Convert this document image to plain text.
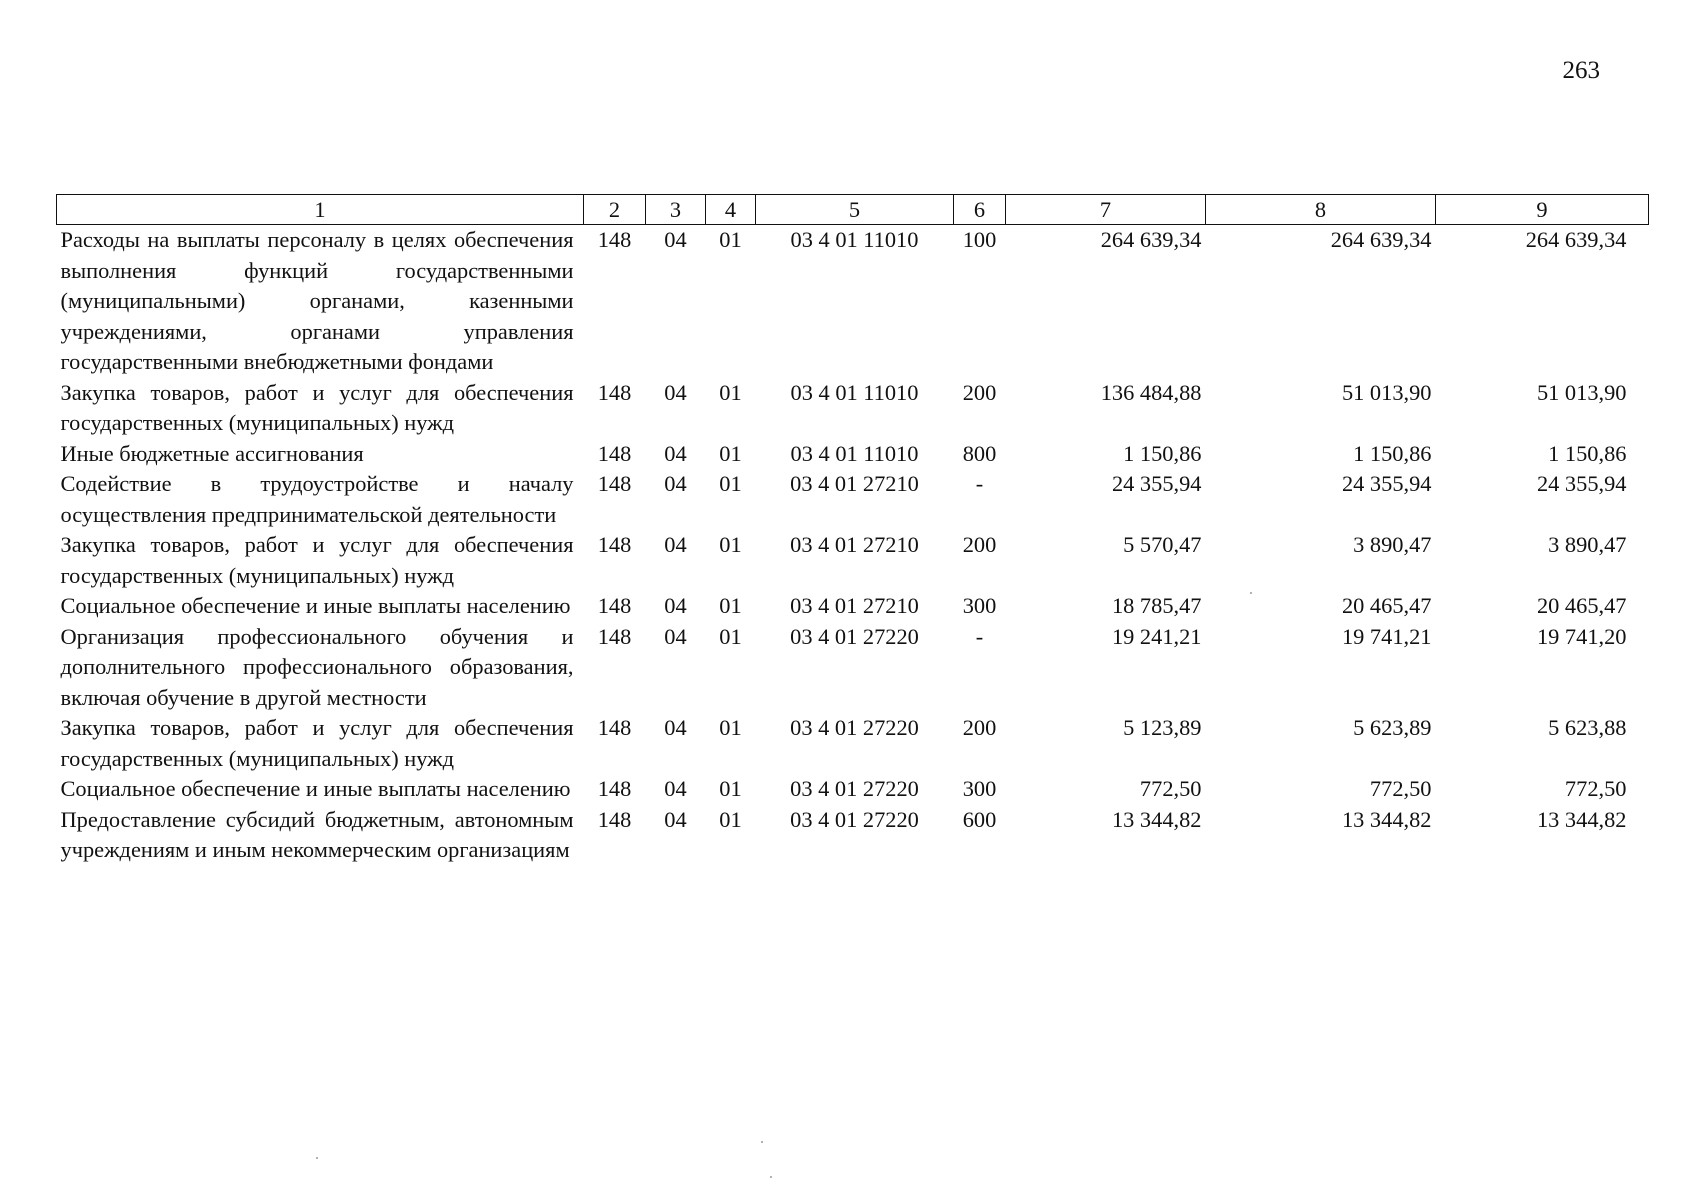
263
1	2	3	4	5	6	7	8	9
Расходы на выплаты персоналу в целях обеспечения выполнения функций государственными (муниципальными) органами, казенными учреждениями, органами управления государственными внебюджетными фондами	148	04	01	03 4 01 11010	100	264 639,34	264 639,34	264 639,34
Закупка товаров, работ и услуг для обеспечения государственных (муниципальных) нужд	148	04	01	03 4 01 11010	200	136 484,88	51 013,90	51 013,90
Иные бюджетные ассигнования	148	04	01	03 4 01 11010	800	1 150,86	1 150,86	1 150,86
Содействие в трудоустройстве и началу осуществления предпринимательской деятельности	148	04	01	03 4 01 27210	-	24 355,94	24 355,94	24 355,94
Закупка товаров, работ и услуг для обеспечения государственных (муниципальных) нужд	148	04	01	03 4 01 27210	200	5 570,47	3 890,47	3 890,47
Социальное обеспечение и иные выплаты населению	148	04	01	03 4 01 27210	300	18 785,47	20 465,47	20 465,47
Организация профессионального обучения и дополнительного профессионального образования, включая обучение в другой местности	148	04	01	03 4 01 27220	-	19 241,21	19 741,21	19 741,20
Закупка товаров, работ и услуг для обеспечения государственных (муниципальных) нужд	148	04	01	03 4 01 27220	200	5 123,89	5 623,89	5 623,88
Социальное обеспечение и иные выплаты населению	148	04	01	03 4 01 27220	300	772,50	772,50	772,50
Предоставление субсидий бюджетным, автономным учреждениям и иным некоммерческим организациям	148	04	01	03 4 01 27220	600	13 344,82	13 344,82	13 344,82
